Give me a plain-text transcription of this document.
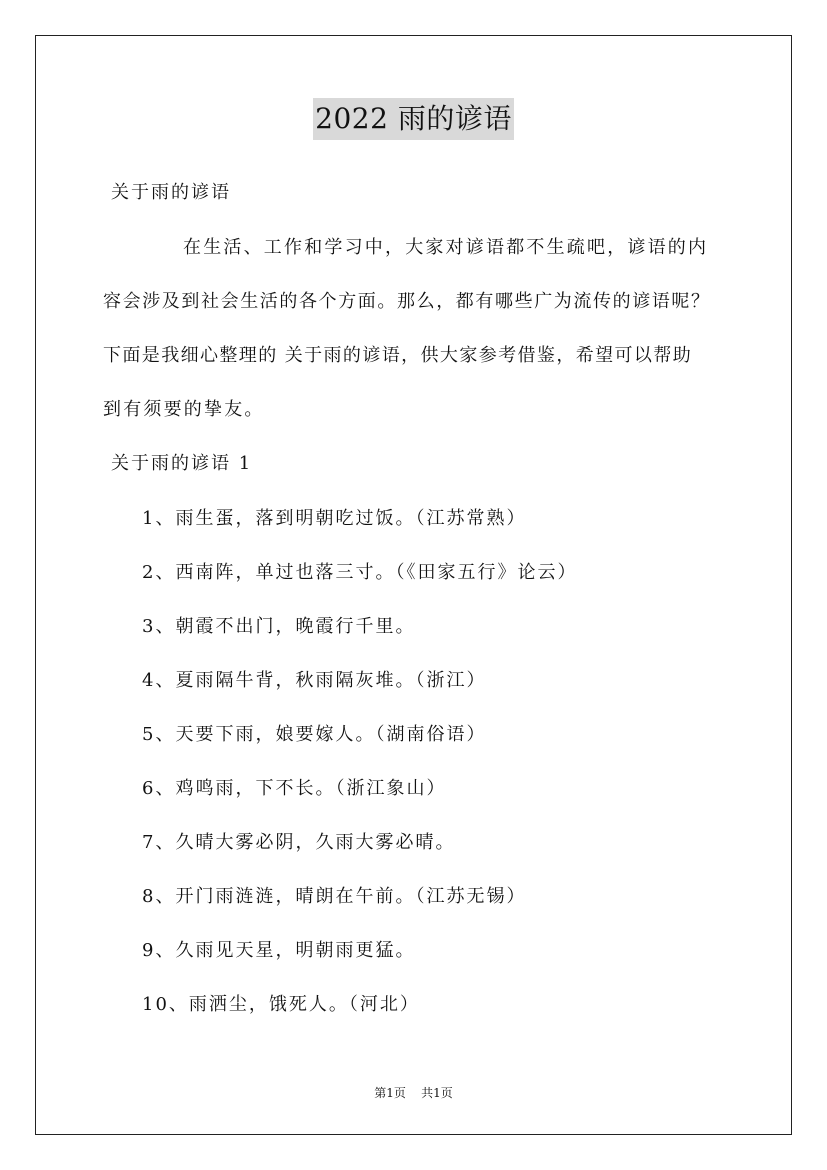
2022 雨的谚语
关于雨的谚语
在生活、工作和学习中，大家对谚语都不生疏吧，谚语的内
容会涉及到社会生活的各个方面。那么，都有哪些广为流传的谚语呢？
下面是我细心整理的 关于雨的谚语，供大家参考借鉴，希望可以帮助
到有须要的挚友。
关于雨的谚语 1
1、雨生蛋，落到明朝吃过饭。（江苏常熟）
2、西南阵，单过也落三寸。（《田家五行》论云）
3、朝霞不出门，晚霞行千里。
4、夏雨隔牛背，秋雨隔灰堆。（浙江）
5、天要下雨，娘要嫁人。（湖南俗语）
6、鸡鸣雨，下不长。（浙江象山）
7、久晴大雾必阴，久雨大雾必晴。
8、开门雨涟涟，晴朗在午前。（江苏无锡）
9、久雨见天星，明朝雨更猛。
10、雨洒尘，饿死人。（河北）
第1页 共1页
